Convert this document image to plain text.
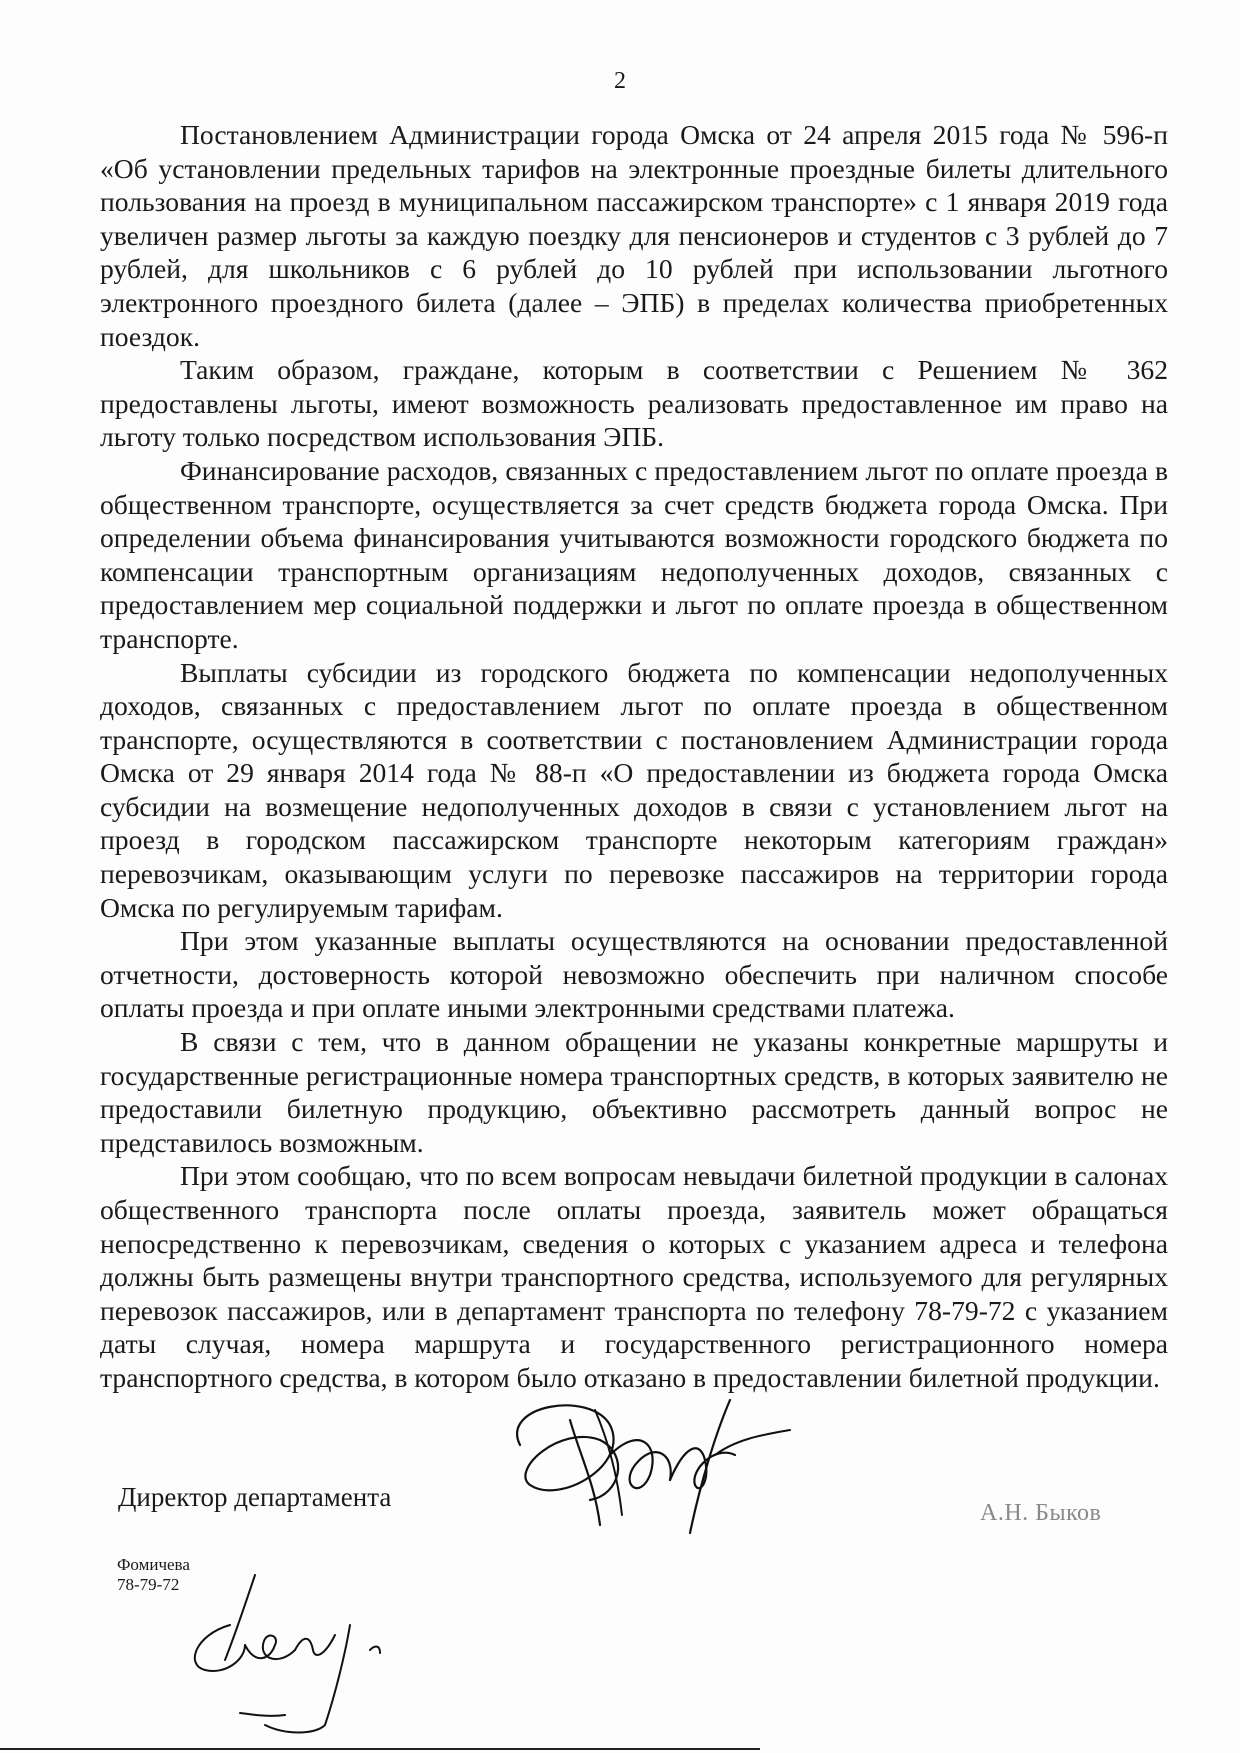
2

Постановлением Администрации города Омска от 24 апреля 2015 года № 596-п «Об установлении предельных тарифов на электронные проездные билеты длительного пользования на проезд в муниципальном пассажирском транспорте» с 1 января 2019 года увеличен размер льготы за каждую поездку для пенсионеров и студентов с 3 рублей до 7 рублей, для школьников с 6 рублей до 10 рублей при использовании льготного электронного проездного билета (далее – ЭПБ) в пределах количества приобретенных поездок.

Таким образом, граждане, которым в соответствии с Решением № 362 предоставлены льготы, имеют возможность реализовать предоставленное им право на льготу только посредством использования ЭПБ.

Финансирование расходов, связанных с предоставлением льгот по оплате проезда в общественном транспорте, осуществляется за счет средств бюджета города Омска. При определении объема финансирования учитываются возможности городского бюджета по компенсации транспортным организациям недополученных доходов, связанных с предоставлением мер социальной поддержки и льгот по оплате проезда в общественном транспорте.

Выплаты субсидии из городского бюджета по компенсации недополученных доходов, связанных с предоставлением льгот по оплате проезда в общественном транспорте, осуществляются в соответствии с постановлением Администрации города Омска от 29 января 2014 года № 88-п «О предоставлении из бюджета города Омска субсидии на возмещение недополученных доходов в связи с установлением льгот на проезд в городском пассажирском транспорте некоторым категориям граждан» перевозчикам, оказывающим услуги по перевозке пассажиров на территории города Омска по регулируемым тарифам.

При этом указанные выплаты осуществляются на основании предоставленной отчетности, достоверность которой невозможно обеспечить при наличном способе оплаты проезда и при оплате иными электронными средствами платежа.

В связи с тем, что в данном обращении не указаны конкретные маршруты и государственные регистрационные номера транспортных средств, в которых заявителю не предоставили билетную продукцию, объективно рассмотреть данный вопрос не представилось возможным.

При этом сообщаю, что по всем вопросам невыдачи билетной продукции в салонах общественного транспорта после оплаты проезда, заявитель может обращаться непосредственно к перевозчикам, сведения о которых с указанием адреса и телефона должны быть размещены внутри транспортного средства, используемого для регулярных перевозок пассажиров, или в департамент транспорта по телефону 78-79-72 с указанием даты случая, номера маршрута и государственного регистрационного номера транспортного средства, в котором было отказано в предоставлении билетной продукции.

Директор департамента
А.Н. Быков
Фомичева
78-79-72
